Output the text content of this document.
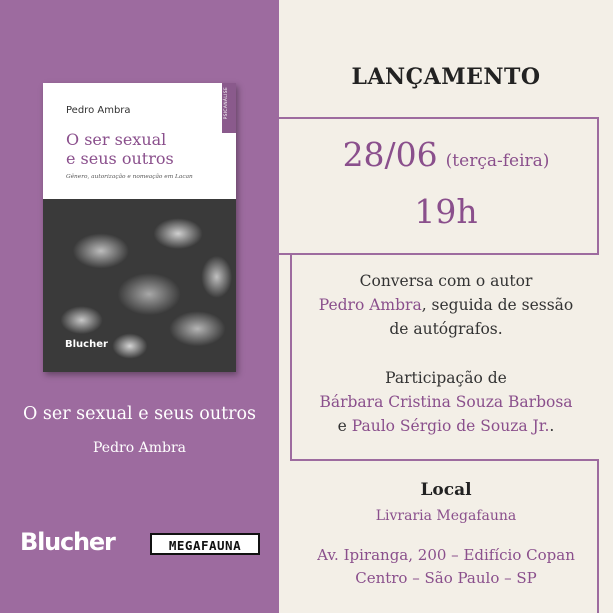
Pedro Ambra	PSICANÁLISE
O ser sexual
e seus outros
Gênero, autorização e nomeação em Lacan
Blucher
O ser sexual e seus outros
Pedro Ambra
Blucher	MEGAFAUNA
LANÇAMENTO
28/06 (terça-feira)
19h
Conversa com o autor
Pedro Ambra, seguida de sessão
de autógrafos.
Participação de
Bárbara Cristina Souza Barbosa
e Paulo Sérgio de Souza Jr..
Local
Livraria Megafauna
Av. Ipiranga, 200 – Edifício Copan
Centro – São Paulo – SP
